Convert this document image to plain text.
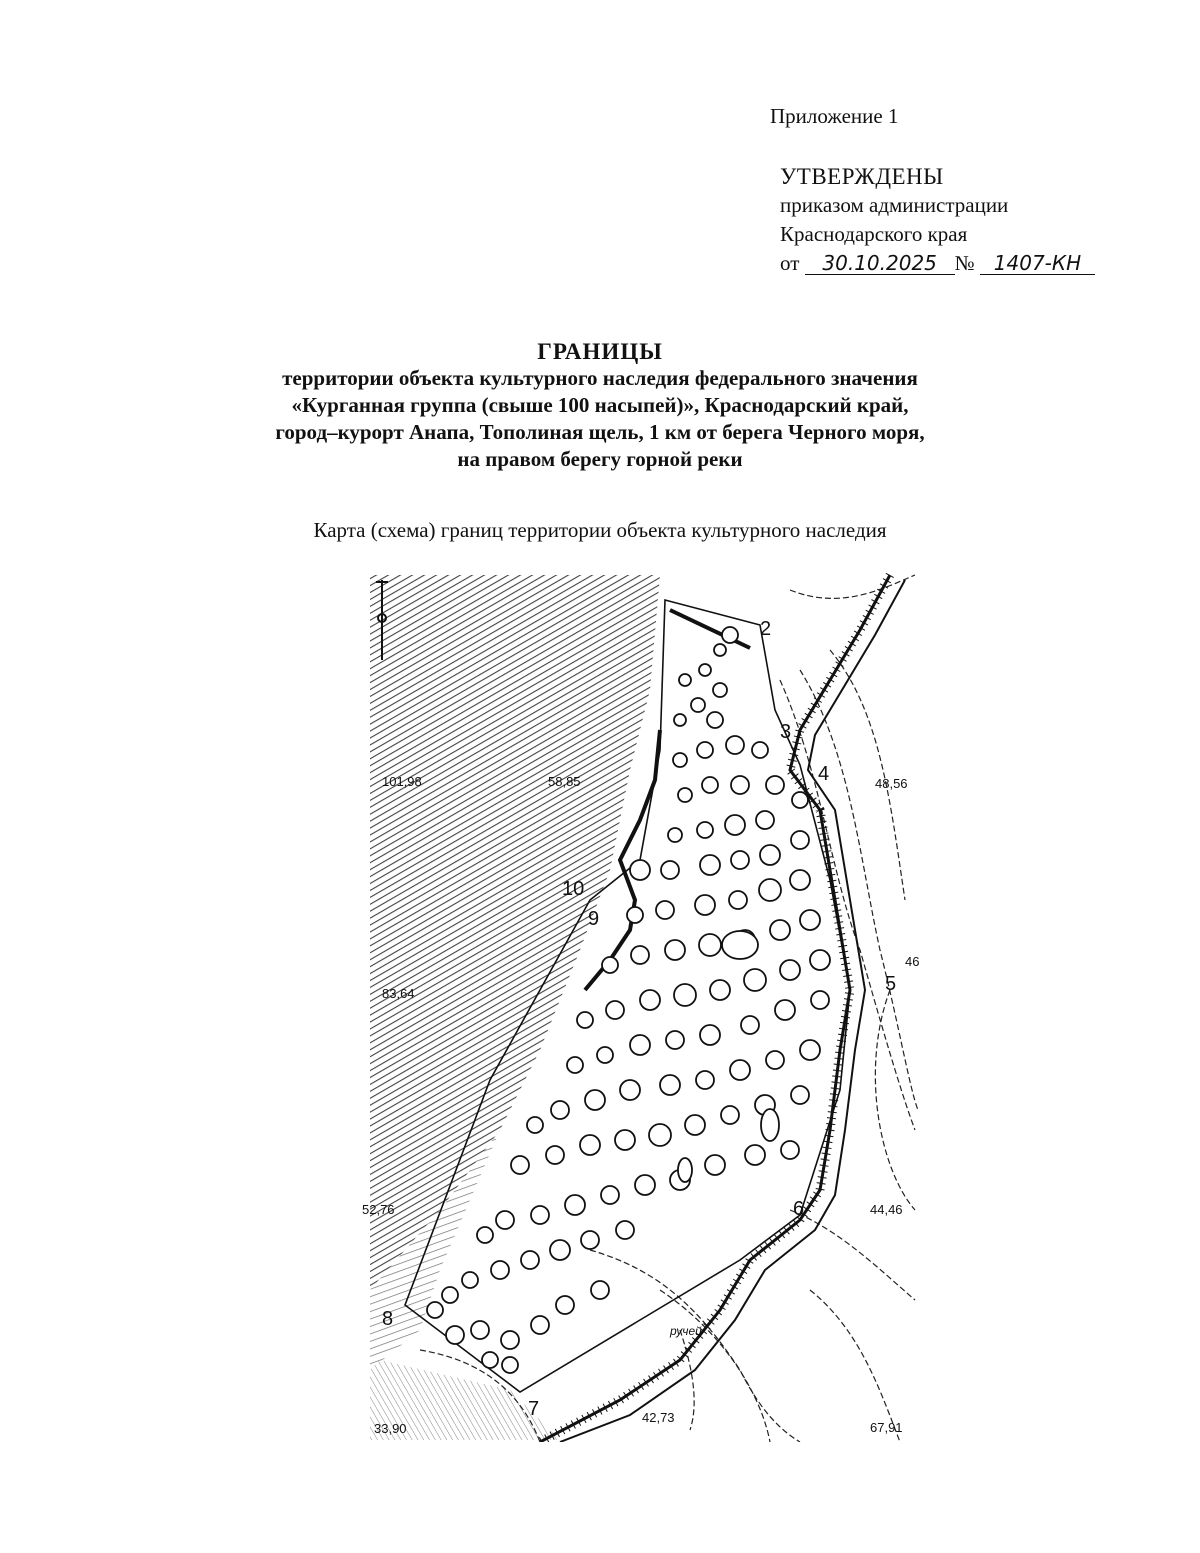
Приложение 1
УТВЕРЖДЕНЫ
приказом администрации
Краснодарского края
от 30.10.2025 № 1407-КН
ГРАНИЦЫ
территории объекта культурного наследия федерального значения
«Курганная группа (свыше 100 насыпей)», Краснодарский край,
город–курорт Анапа, Тополиная щель, 1 км от берега Черного моря,
на правом берегу горной реки
Карта (схема) границ территории объекта культурного наследия
101,98	58,85	48,56
83,64
52,76	44,46
33,90
42,73
67,91
46
ручей
2
3
4
5
6
7
8
9
10
